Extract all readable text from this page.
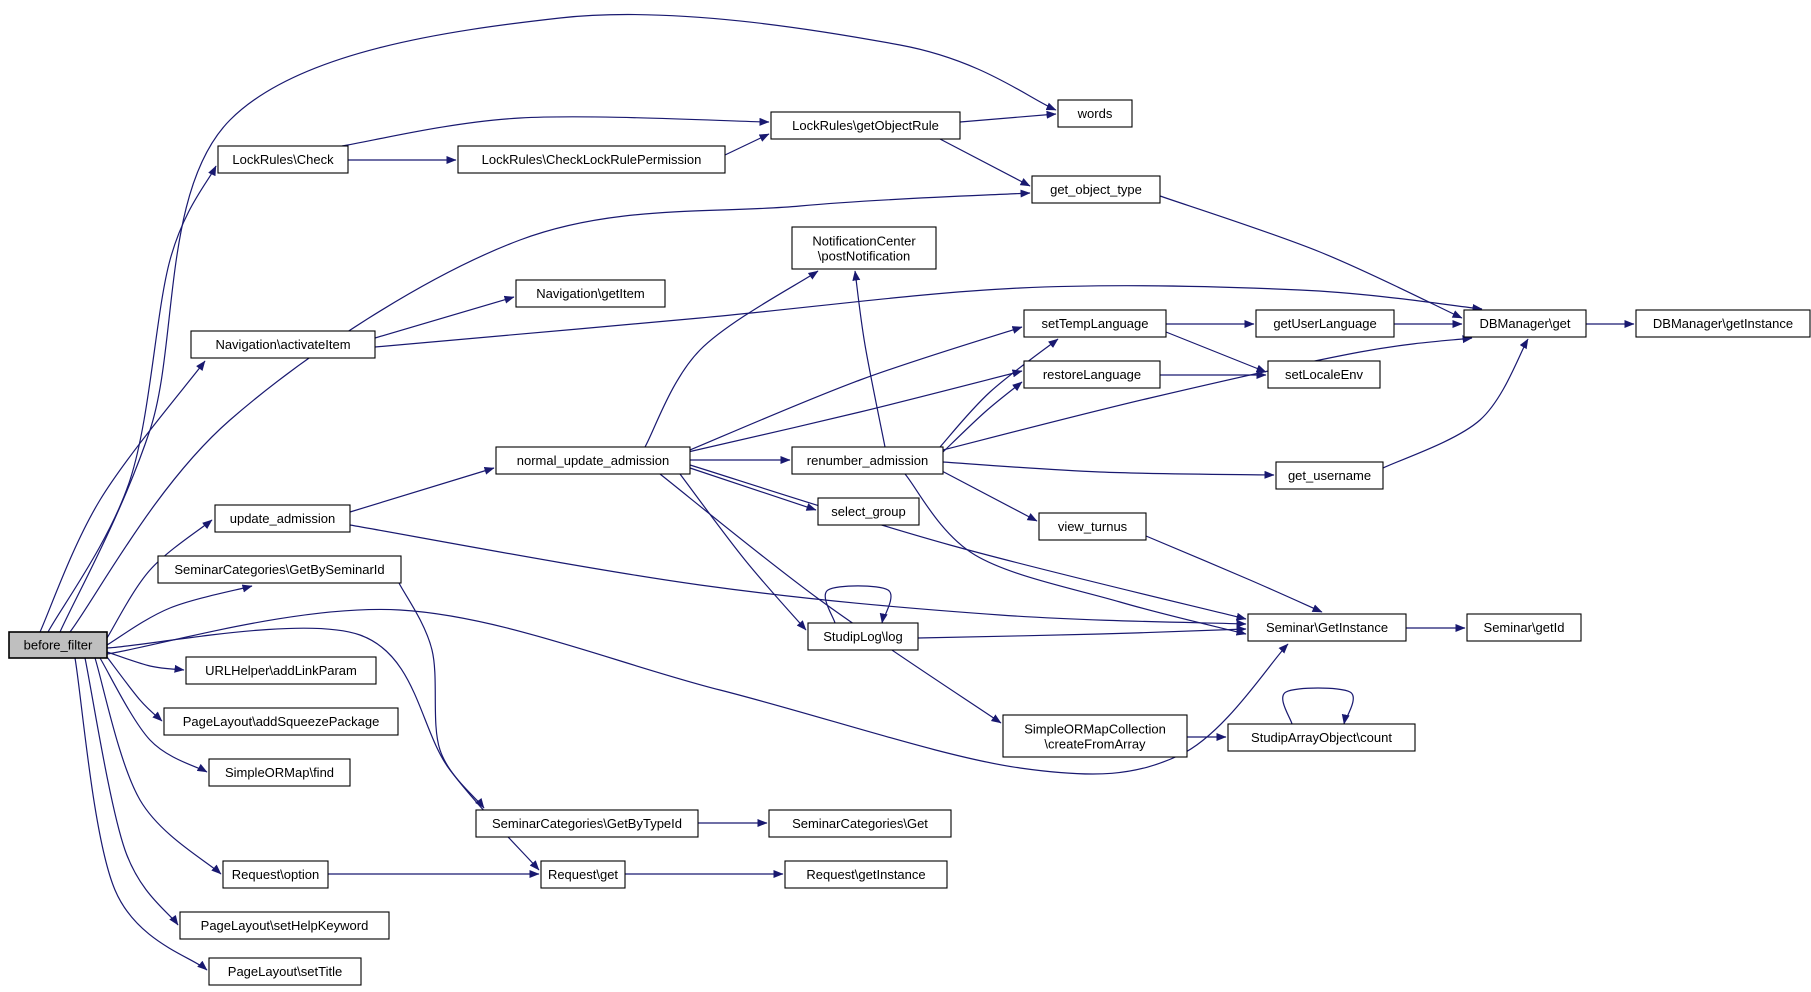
before_filter
words
LockRules\getObjectRule
LockRules\Check	LockRules\CheckLockRulePermission
get_object_type
NotificationCenter \postNotification
Navigation\getItem
setTempLanguage	getUserLanguage	DBManager\get	DBManager\getInstance
Navigation\activateItem
restoreLanguage	setLocaleEnv
normal_update_admission	renumber_admission
get_username
select_group
view_turnus
update_admission
SeminarCategories\GetBySeminarId
Seminar\GetInstance	Seminar\getId
StudipLog\log
URLHelper\addLinkParam
PageLayout\addSqueezePackage
SimpleORMap\find
SimpleORMapCollection \createFromArray	StudipArrayObject\count
SeminarCategories\GetByTypeId	SeminarCategories\Get
Request\option	Request\get	Request\getInstance
PageLayout\setHelpKeyword
PageLayout\setTitle
